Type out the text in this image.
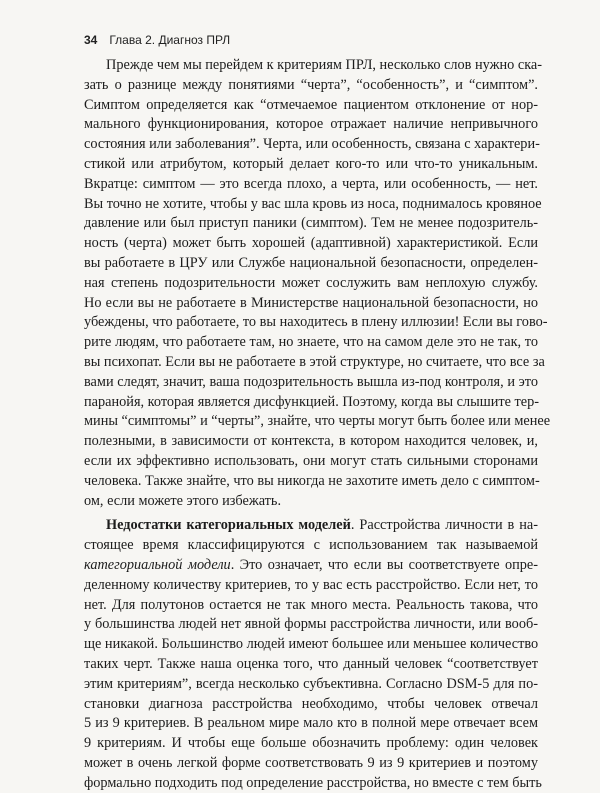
34 Глава 2. Диагноз ПРЛ
Прежде чем мы перейдем к критериям ПРЛ, несколько слов нужно ска-
зать о разнице между понятиями “черта”, “особенность”, и “симптом”.
Симптом определяется как “отмечаемое пациентом отклонение от нор-
мального функционирования, которое отражает наличие непривычного
состояния или заболевания”. Черта, или особенность, связана с характери-
стикой или атрибутом, который делает кого-то или что-то уникальным.
Вкратце: симптом — это всегда плохо, а черта, или особенность, — нет.
Вы точно не хотите, чтобы у вас шла кровь из носа, поднималось кровяное
давление или был приступ паники (симптом). Тем не менее подозритель-
ность (черта) может быть хорошей (адаптивной) характеристикой. Если
вы работаете в ЦРУ или Службе национальной безопасности, определен-
ная степень подозрительности может сослужить вам неплохую службу.
Но если вы не работаете в Министерстве национальной безопасности, но
убеждены, что работаете, то вы находитесь в плену иллюзии! Если вы гово-
рите людям, что работаете там, но знаете, что на самом деле это не так, то
вы психопат. Если вы не работаете в этой структуре, но считаете, что все за
вами следят, значит, ваша подозрительность вышла из-под контроля, и это
паранойя, которая является дисфункцией. Поэтому, когда вы слышите тер-
мины “симптомы” и “черты”, знайте, что черты могут быть более или менее
полезными, в зависимости от контекста, в котором находится человек, и,
если их эффективно использовать, они могут стать сильными сторонами
человека. Также знайте, что вы никогда не захотите иметь дело с симптом-
ом, если можете этого избежать.
Недостатки категориальных моделей. Расстройства личности в на-
стоящее время классифицируются с использованием так называемой
категориальной модели. Это означает, что если вы соответствуете опре-
деленному количеству критериев, то у вас есть расстройство. Если нет, то
нет. Для полутонов остается не так много места. Реальность такова, что
у большинства людей нет явной формы расстройства личности, или вооб-
ще никакой. Большинство людей имеют большее или меньшее количество
таких черт. Также наша оценка того, что данный человек “соответствует
этим критериям”, всегда несколько субъективна. Согласно DSM-5 для по-
становки диагноза расстройства необходимо, чтобы человек отвечал
5 из 9 критериев. В реальном мире мало кто в полной мере отвечает всем
9 критериям. И чтобы еще больше обозначить проблему: один человек
может в очень легкой форме соответствовать 9 из 9 критериев и поэтому
формально подходить под определение расстройства, но вместе с тем быть
